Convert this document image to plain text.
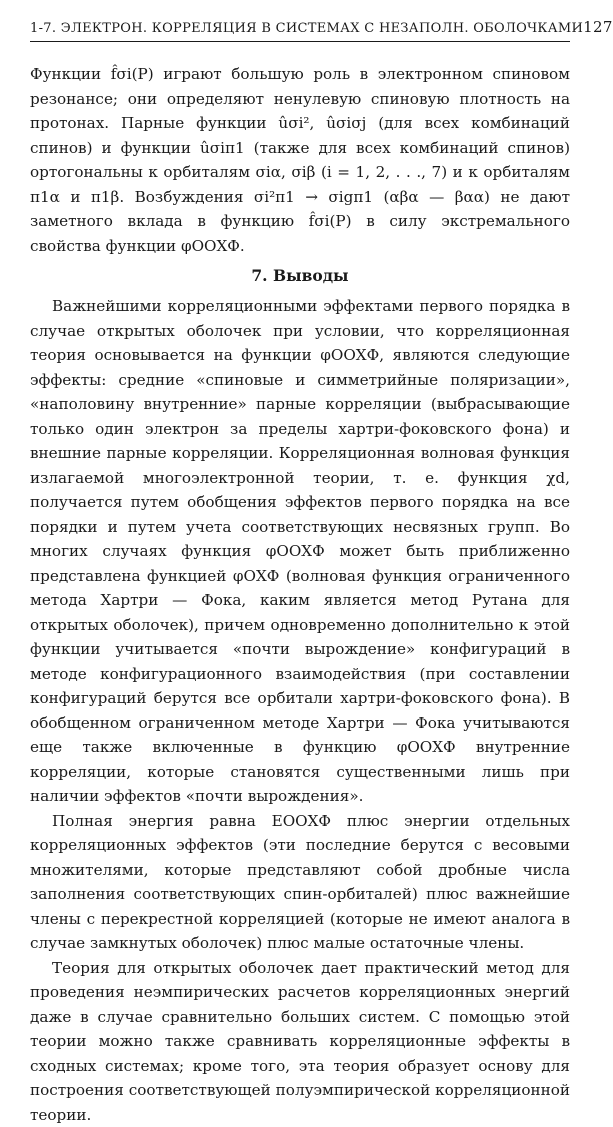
1-7. ЭЛЕКТРОН. КОРРЕЛЯЦИЯ В СИСТЕМАХ С НЕЗАПОЛН. ОБОЛОЧКАМИ 127

Функции f̂σi(P) играют большую роль в электронном спиновом резонансе; они определяют ненулевую спиновую плотность на протонах. Парные функции ûσi², ûσiσj (для всех комбинаций спинов) и функции ûσiπ1 (также для всех комбинаций спинов) ортогональны к орбиталям σiα, σiβ (i = 1, 2, . . ., 7) и к орбиталям π1α и π1β. Возбуждения σi²π1 → σigπ1 (αβα — βαα) не дают заметного вклада в функцию f̂σi(P) в силу экстремального свойства функции φООХФ.

7. Выводы

Важнейшими корреляционными эффектами первого порядка в случае открытых оболочек при условии, что корреляционная теория основывается на функции φООХФ, являются следующие эффекты: средние «спиновые и симметрийные поляризации», «наполовину внутренние» парные корреляции (выбрасывающие только один электрон за пределы хартри-фоковского фона) и внешние парные корреляции. Корреляционная волновая функция излагаемой многоэлектронной теории, т. е. функция χd, получается путем обобщения эффектов первого порядка на все порядки и путем учета соответствующих несвязных групп. Во многих случаях функция φООХФ может быть приближенно представлена функцией φОХФ (волновая функция ограниченного метода Хартри — Фока, каким является метод Рутана для открытых оболочек), причем одновременно дополнительно к этой функции учитывается «почти вырождение» конфигураций в методе конфигурационного взаимодействия (при составлении конфигураций берутся все орбитали хартри-фоковского фона). В обобщенном ограниченном методе Хартри — Фока учитываются еще также включенные в функцию φООХФ внутренние корреляции, которые становятся существенными лишь при наличии эффектов «почти вырождения».

Полная энергия равна EООХФ плюс энергии отдельных корреляционных эффектов (эти последние берутся с весовыми множителями, которые представляют собой дробные числа заполнения соответствующих спин-орбиталей) плюс важнейшие члены с перекрестной корреляцией (которые не имеют аналога в случае замкнутых оболочек) плюс малые остаточные члены.

Теория для открытых оболочек дает практический метод для проведения неэмпирических расчетов корреляционных энергий даже в случае сравнительно больших систем. С помощью этой теории можно также сравнивать корреляционные эффекты в сходных системах; кроме того, эта теория образует основу для построения соответствующей полуэмпирической корреляционной теории.
